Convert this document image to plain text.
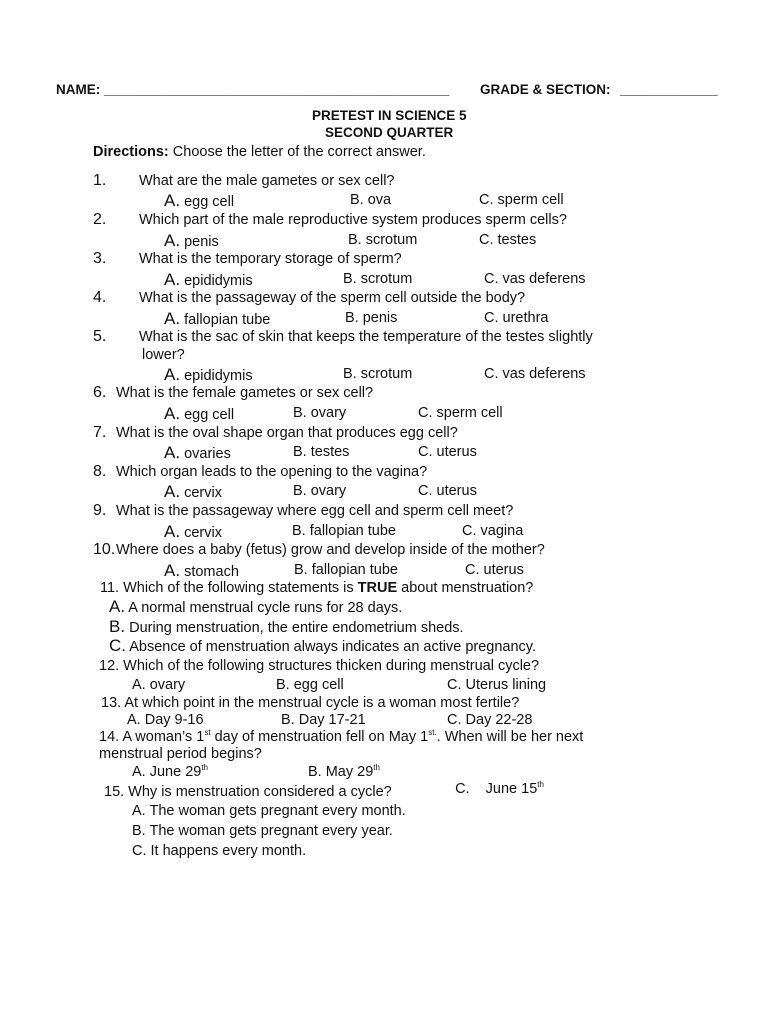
NAME: ______________________________________________ GRADE & SECTION: _____________
PRETEST IN SCIENCE 5
SECOND QUARTER
Directions: Choose the letter of the correct answer.
1. What are the male gametes or sex cell?
A. egg cell	B. ova	C. sperm cell
2. Which part of the male reproductive system produces sperm cells?
A. penis	B. scrotum	C. testes
3. What is the temporary storage of sperm?
A. epididymis	B. scrotum	C. vas deferens
4. What is the passageway of the sperm cell outside the body?
A. fallopian tube	B. penis	C. urethra
5. What is the sac of skin that keeps the temperature of the testes slightly
lower?
A. epididymis	B. scrotum	C. vas deferens
6. What is the female gametes or sex cell?
A. egg cell	B. ovary	C. sperm cell
7. What is the oval shape organ that produces egg cell?
A. ovaries	B. testes	C. uterus
8. Which organ leads to the opening to the vagina?
A. cervix	B. ovary	C. uterus
9. What is the passageway where egg cell and sperm cell meet?
A. cervix	B. fallopian tube	C. vagina
10. Where does a baby (fetus) grow and develop inside of the mother?
A. stomach	B. fallopian tube	C. uterus
11. Which of the following statements is TRUE about menstruation?
A. A normal menstrual cycle runs for 28 days.
B. During menstruation, the entire endometrium sheds.
C. Absence of menstruation always indicates an active pregnancy.
12. Which of the following structures thicken during menstrual cycle?
A. ovary	B. egg cell	C. Uterus lining
13. At which point in the menstrual cycle is a woman most fertile?
A. Day 9-16	B. Day 17-21	C. Day 22-28
14. A woman’s 1st day of menstruation fell on May $1^{st.}$. When will be her next
menstrual period begins?
A. June 29th	B. May 29th

C.    June 15th

15. Why is menstruation considered a cycle?
A. The woman gets pregnant every month.
B. The woman gets pregnant every year.
C. It happens every month.
